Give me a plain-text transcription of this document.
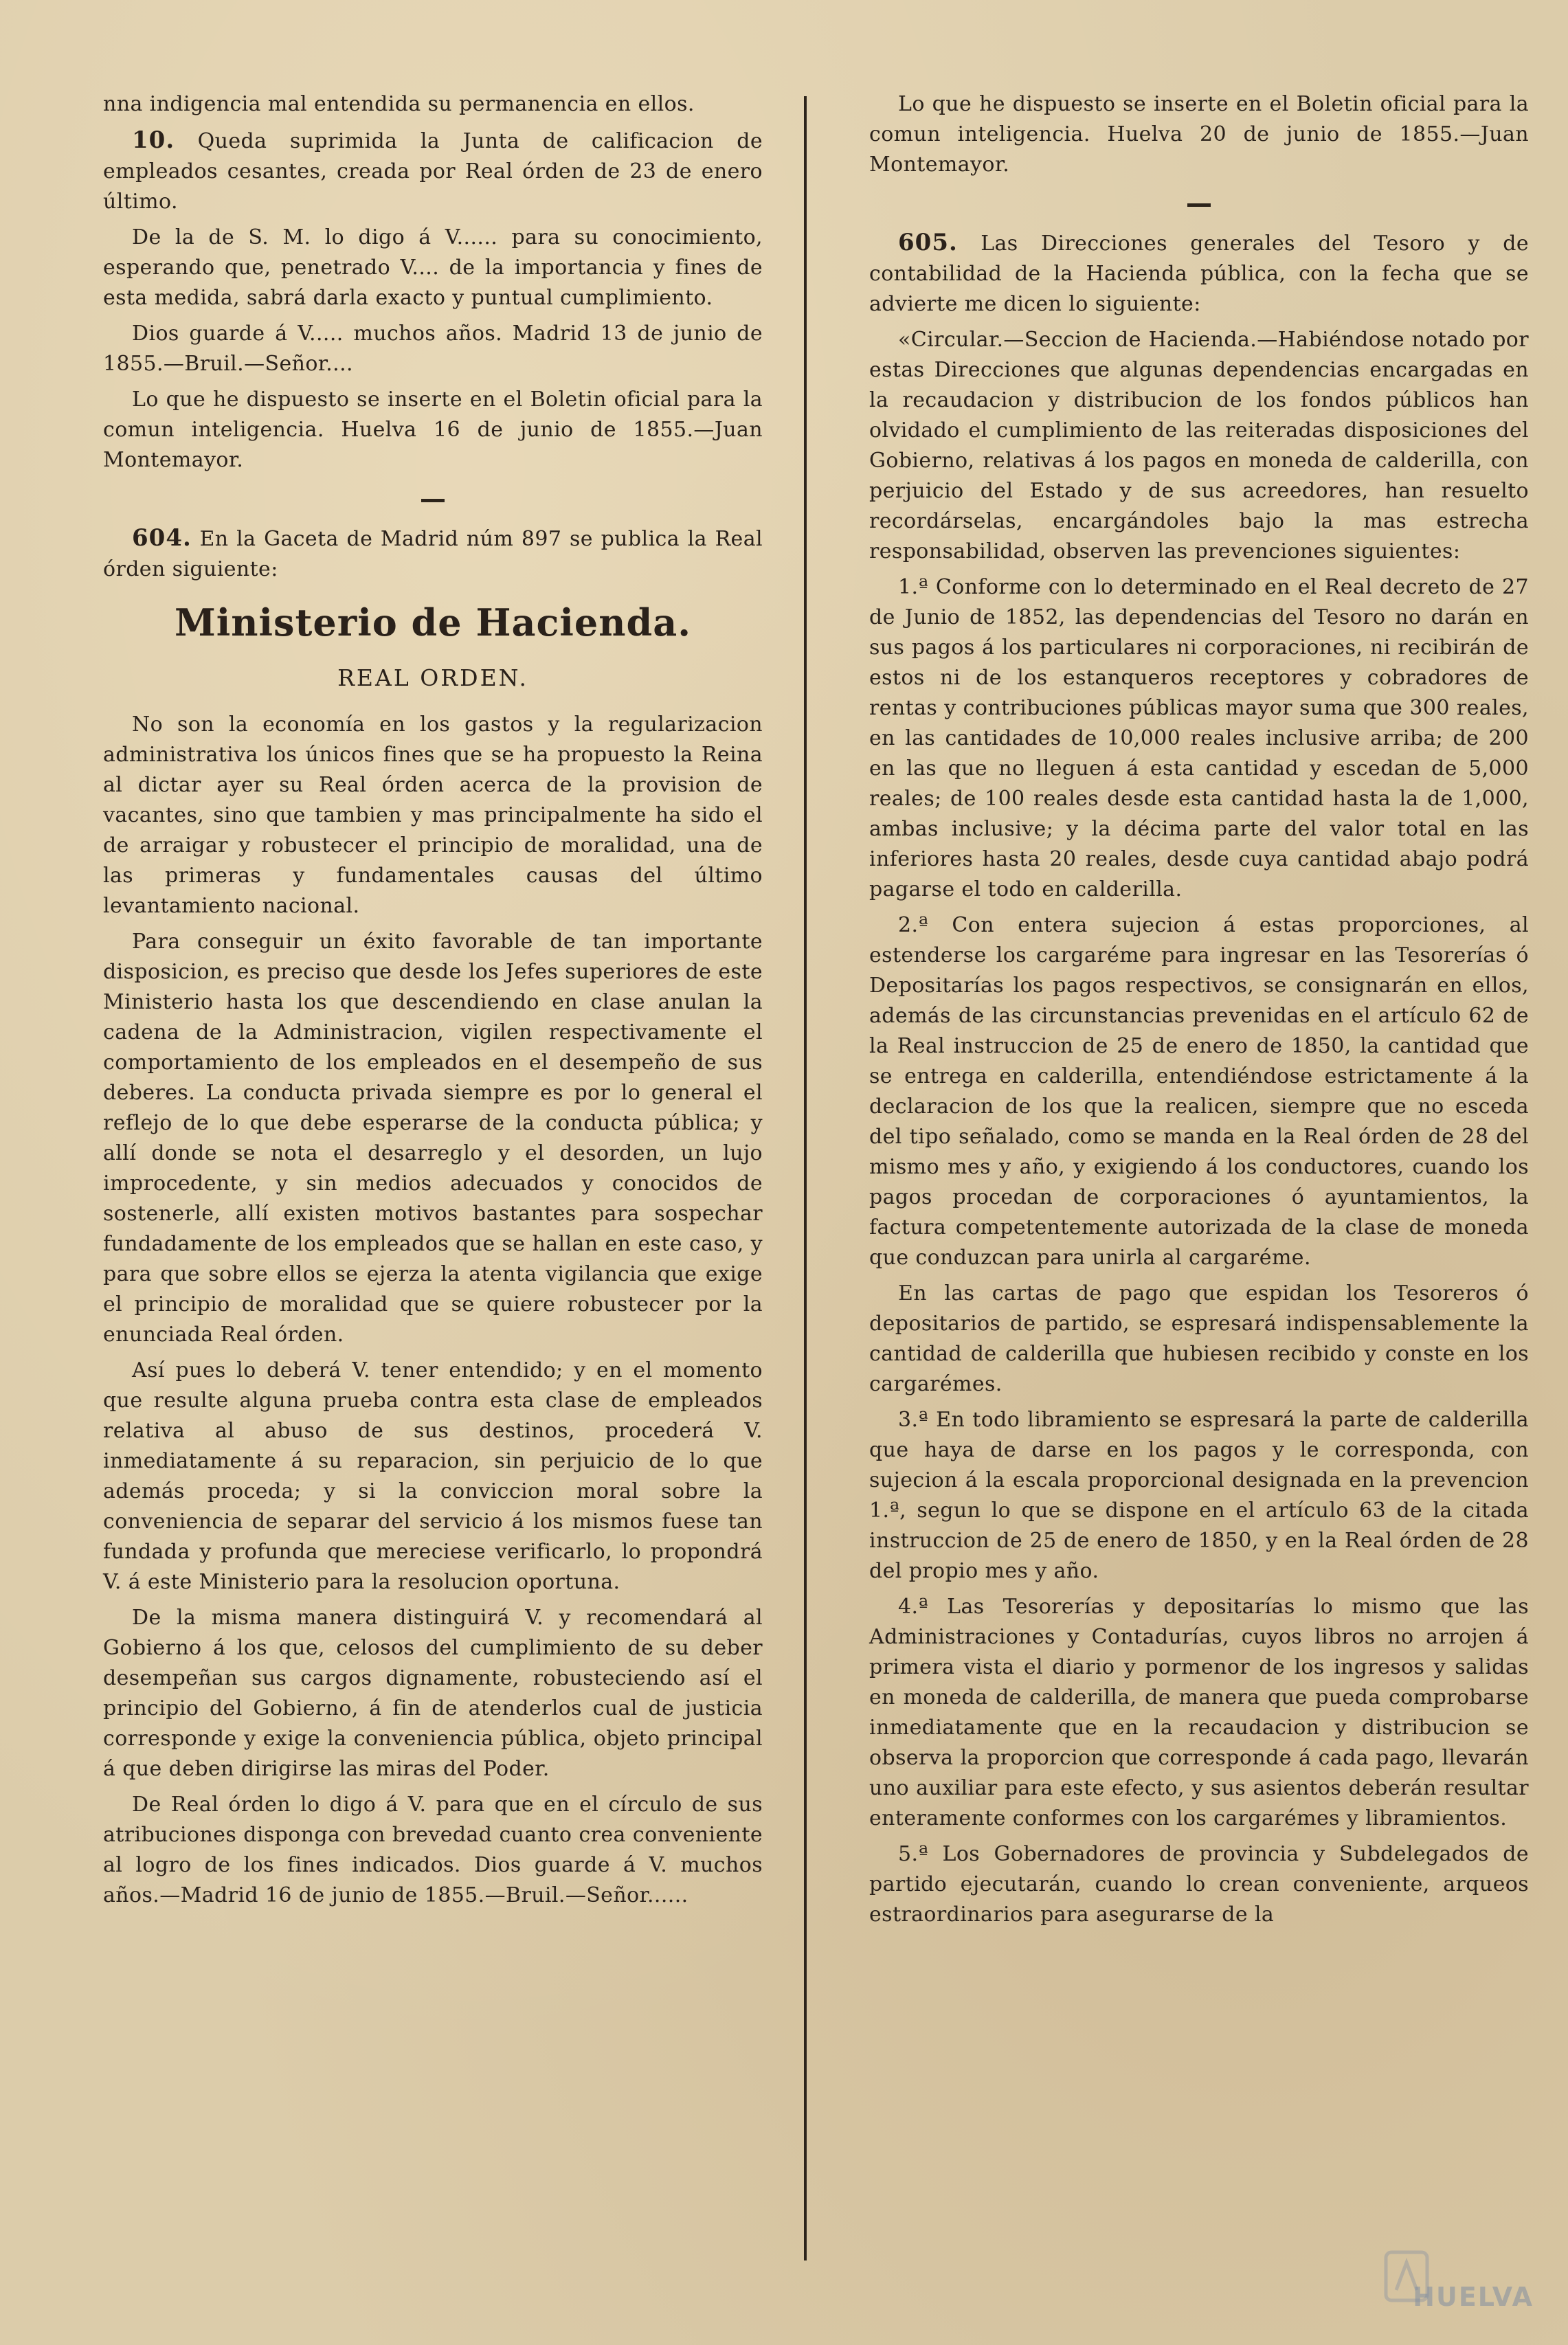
nna indigencia mal entendida su permanencia en ellos.

10. Queda suprimida la Junta de calificacion de empleados cesantes, creada por Real órden de 23 de enero último.

De la de S. M. lo digo á V...... para su conocimiento, esperando que, penetrado V.... de la importancia y fines de esta medida, sabrá darla exacto y puntual cumplimiento.

Dios guarde á V..... muchos años. Madrid 13 de junio de 1855.—Bruil.—Señor....

Lo que he dispuesto se inserte en el Boletin oficial para la comun inteligencia. Huelva 16 de junio de 1855.—Juan Montemayor.

604. En la Gaceta de Madrid núm 897 se publica la Real órden siguiente:

Ministerio de Hacienda.
REAL ORDEN.

No son la economía en los gastos y la regularizacion administrativa los únicos fines que se ha propuesto la Reina al dictar ayer su Real órden acerca de la provision de vacantes, sino que tambien y mas principalmente ha sido el de arraigar y robustecer el principio de moralidad, una de las primeras y fundamentales causas del último levantamiento nacional.

Para conseguir un éxito favorable de tan importante disposicion, es preciso que desde los Jefes superiores de este Ministerio hasta los que descendiendo en clase anulan la cadena de la Administracion, vigilen respectivamente el comportamiento de los empleados en el desempeño de sus deberes. La conducta privada siempre es por lo general el reflejo de lo que debe esperarse de la conducta pública; y allí donde se nota el desarreglo y el desorden, un lujo improcedente, y sin medios adecuados y conocidos de sostenerle, allí existen motivos bastantes para sospechar fundadamente de los empleados que se hallan en este caso, y para que sobre ellos se ejerza la atenta vigilancia que exige el principio de moralidad que se quiere robustecer por la enunciada Real órden.

Así pues lo deberá V. tener entendido; y en el momento que resulte alguna prueba contra esta clase de empleados relativa al abuso de sus destinos, procederá V. inmediatamente á su reparacion, sin perjuicio de lo que además proceda; y si la conviccion moral sobre la conveniencia de separar del servicio á los mismos fuese tan fundada y profunda que mereciese verificarlo, lo propondrá V. á este Ministerio para la resolucion oportuna.

De la misma manera distinguirá V. y recomendará al Gobierno á los que, celosos del cumplimiento de su deber desempeñan sus cargos dignamente, robusteciendo así el principio del Gobierno, á fin de atenderlos cual de justicia corresponde y exige la conveniencia pública, objeto principal á que deben dirigirse las miras del Poder.

De Real órden lo digo á V. para que en el círculo de sus atribuciones disponga con brevedad cuanto crea conveniente al logro de los fines indicados. Dios guarde á V. muchos años.—Madrid 16 de junio de 1855.—Bruil.—Señor......

Lo que he dispuesto se inserte en el Boletin oficial para la comun inteligencia. Huelva 20 de junio de 1855.—Juan Montemayor.

605. Las Direcciones generales del Tesoro y de contabilidad de la Hacienda pública, con la fecha que se advierte me dicen lo siguiente:

«Circular.—Seccion de Hacienda.—Habiéndose notado por estas Direcciones que algunas dependencias encargadas en la recaudacion y distribucion de los fondos públicos han olvidado el cumplimiento de las reiteradas disposiciones del Gobierno, relativas á los pagos en moneda de calderilla, con perjuicio del Estado y de sus acreedores, han resuelto recordárselas, encargándoles bajo la mas estrecha responsabilidad, observen las prevenciones siguientes:

1.ª Conforme con lo determinado en el Real decreto de 27 de Junio de 1852, las dependencias del Tesoro no darán en sus pagos á los particulares ni corporaciones, ni recibirán de estos ni de los estanqueros receptores y cobradores de rentas y contribuciones públicas mayor suma que 300 reales, en las cantidades de 10,000 reales inclusive arriba; de 200 en las que no lleguen á esta cantidad y escedan de 5,000 reales; de 100 reales desde esta cantidad hasta la de 1,000, ambas inclusive; y la décima parte del valor total en las inferiores hasta 20 reales, desde cuya cantidad abajo podrá pagarse el todo en calderilla.

2.ª Con entera sujecion á estas proporciones, al estenderse los cargaréme para ingresar en las Tesorerías ó Depositarías los pagos respectivos, se consignarán en ellos, además de las circunstancias prevenidas en el artículo 62 de la Real instruccion de 25 de enero de 1850, la cantidad que se entrega en calderilla, entendiéndose estrictamente á la declaracion de los que la realicen, siempre que no esceda del tipo señalado, como se manda en la Real órden de 28 del mismo mes y año, y exigiendo á los conductores, cuando los pagos procedan de corporaciones ó ayuntamientos, la factura competentemente autorizada de la clase de moneda que conduzcan para unirla al cargaréme.

En las cartas de pago que espidan los Tesoreros ó depositarios de partido, se espresará indispensablemente la cantidad de calderilla que hubiesen recibido y conste en los cargarémes.

3.ª En todo libramiento se espresará la parte de calderilla que haya de darse en los pagos y le corresponda, con sujecion á la escala proporcional designada en la prevencion 1.ª, segun lo que se dispone en el artículo 63 de la citada instruccion de 25 de enero de 1850, y en la Real órden de 28 del propio mes y año.

4.ª Las Tesorerías y depositarías lo mismo que las Administraciones y Contadurías, cuyos libros no arrojen á primera vista el diario y pormenor de los ingresos y salidas en moneda de calderilla, de manera que pueda comprobarse inmediatamente que en la recaudacion y distribucion se observa la proporcion que corresponde á cada pago, llevarán uno auxiliar para este efecto, y sus asientos deberán resultar enteramente conformes con los cargarémes y libramientos.

5.ª Los Gobernadores de provincia y Subdelegados de partido ejecutarán, cuando lo crean conveniente, arqueos estraordinarios para asegurarse de la

HUELVA
